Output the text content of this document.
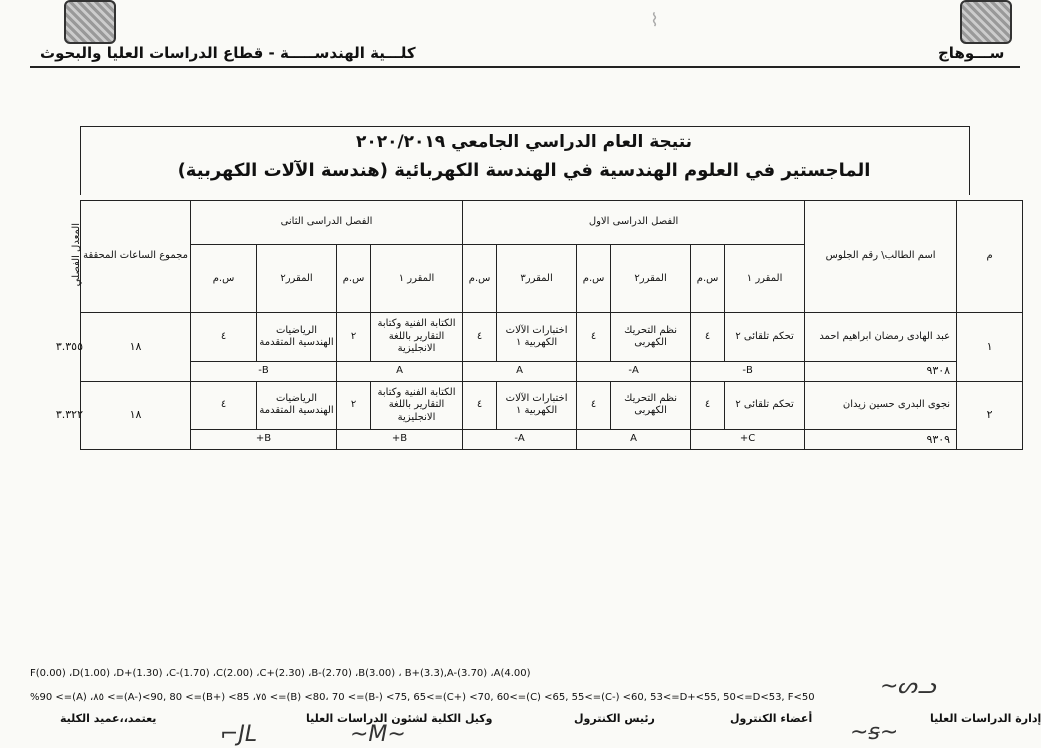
⌇
كلـــية الهندســـــة - قطاع الدراسات العليا والبحوث	ســـوهاج
نتيجة العام الدراسي الجامعي ٢٠٢٠/٢٠١٩
الماجستير في العلوم الهندسية في الهندسة الكهربائية (هندسة الآلات الكهربية)
م	اسم الطالب\ رقم الجلوس	الفصل الدراسى الاول						الفصل الدراسى الثانى				مجموع الساعات المحققة	المعدل الفصلي
		المقرر ١	س.م	المقرر٢	س.م	المقرر٣	س.م	المقرر ١	س.م	المقرر٢	س.م		
١	عبد الهادى رمضان ابراهيم احمد	تحكم تلقائى ٢	٤	نظم التحريك الكهربى	٤	اختبارات الآلات الكهربية ١	٤	الكتابة الفنية وكتابة التقارير باللغة الانجليزية	٢	الرياضيات الهندسية المتقدمة	٤	١٨	٣.٣٥٥
	٩٣٠٨	B-		A-		A		A		B-			
٢	نجوى البدرى حسين زيدان	تحكم تلقائى ٢	٤	نظم التحريك الكهربى	٤	اختبارات الآلات الكهربية ١	٤	الكتابة الفنية وكتابة التقارير باللغة الانجليزية	٢	الرياضيات الهندسية المتقدمة	٤	١٨	٣.٣٢٢
	٩٣٠٩	C+		A		A-		B+		B+			
F(0.00) ،D(1.00) ،D+(1.30) ،C-(1.70) ،C(2.00) ،C+(2.30) ،B-(2.70) ،B(3.00) ، B+(3.3),A-(3.70) ،A(4.00)
%90 <=(A) ،٨٥ <=(A-)<90, 80 <=(B+) <85 ،٧٥ <=(B) <80، 70 <=(B-) <75, 65<=(C+) <70, 60<=(C) <65, 55<=(C-) <60, 53<=D+<55, 50<=D<53, F<50
إدارة الدراسات العليا
أعضاء الكنترول
رئيس الكنترول
وكيل الكلية لشئون الدراسات العليا
يعتمد،،عميد الكلية
~ᔕᓗ
~ꞩ~
⌐JL	~M~
